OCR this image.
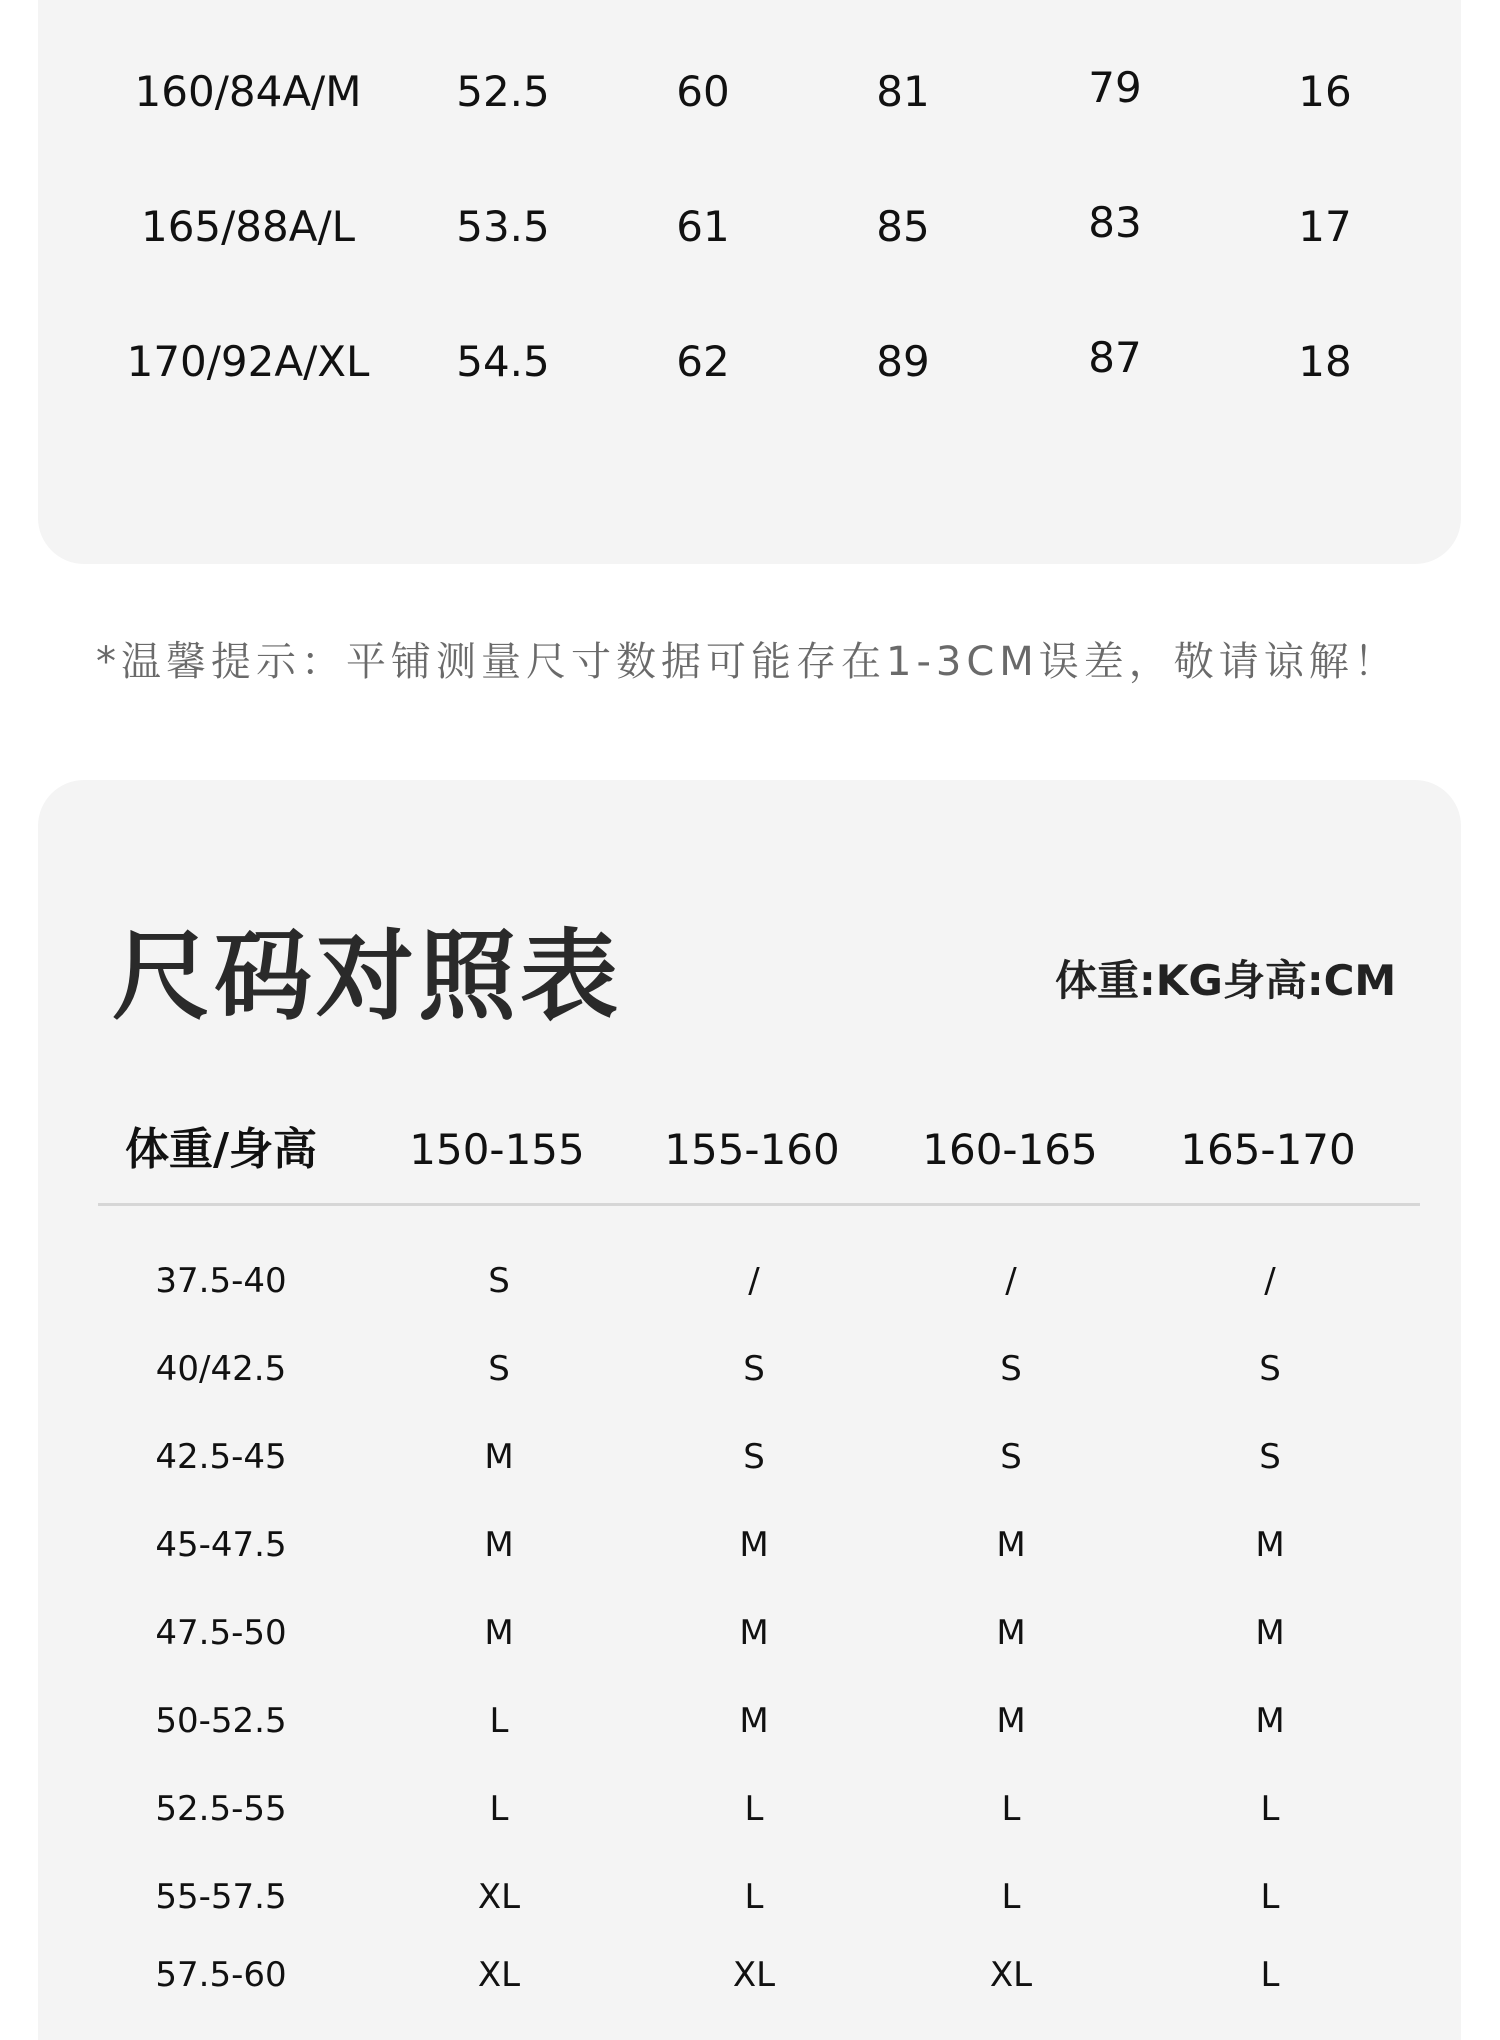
160/84A/M 52.5	60	81	79	16
165/88A/L 53.5	61	85	83	17
170/92A/XL 54.5	62	89	87	18
*温馨提示：平铺测量尺寸数据可能存在1-3CM误差，敬请谅解！
尺码对照表	体重:KG身高:CM
体重/身高 150-155 155-160 160-165 165-170
37.5-40	S	/	/	/
40/42.5	S	S	S	S
42.5-45	M	S	S	S
45-47.5	M	M	M	M
47.5-50	M	M	M	M
50-52.5	L	M	M	M
52.5-55	L	L	L	L
55-57.5	XL	L	L	L
57.5-60	XL	XL	XL	L
